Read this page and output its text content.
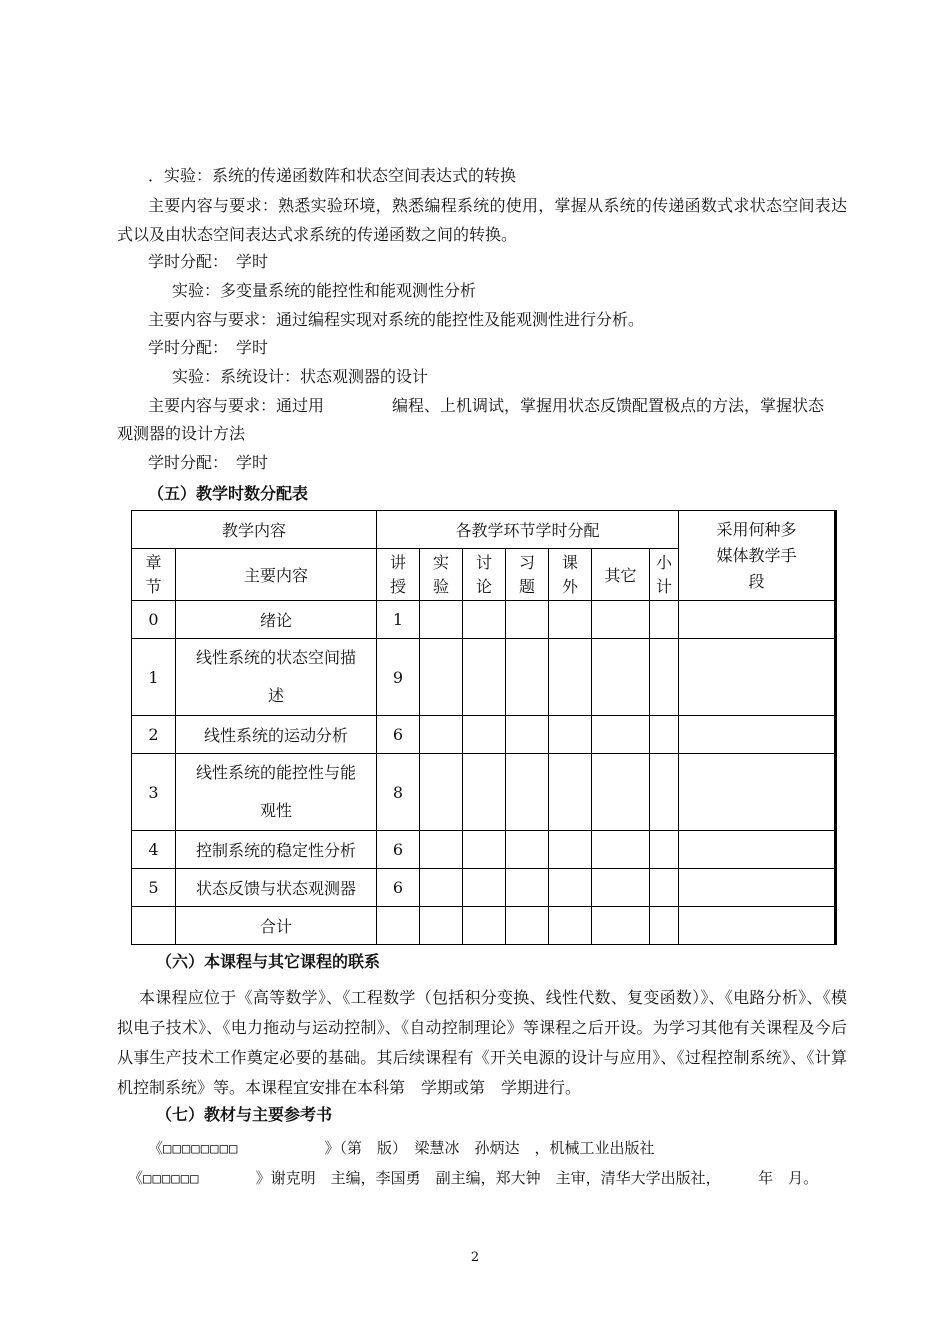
．实验：系统的传递函数阵和状态空间表达式的转换
主要内容与要求：熟悉实验环境，熟悉编程系统的使用，掌握从系统的传递函数式求状态空间表达式以及由状态空间表达式求系统的传递函数之间的转换。
学时分配：　学时
实验：多变量系统的能控性和能观测性分析
主要内容与要求：通过编程实现对系统的能控性及能观测性进行分析。
学时分配：　学时
实验：系统设计：状态观测器的设计
主要内容与要求：通过用	编程、上机调试，掌握用状态反馈配置极点的方法，掌握状态
观测器的设计方法
学时分配：　学时
（五）教学时数分配表
教学内容		各教学环节学时分配							采用何种多媒体教学手段
章节	主要内容	讲授	实验	讨论	习题	课外	其它	小计	
0	绪论	1							
1	线性系统的状态空间描述	9							
2	线性系统的运动分析	6							
3	线性系统的能控性与能观性	8							
4	控制系统的稳定性分析	6							
5	状态反馈与状态观测器	6							
	合计								
（六）本课程与其它课程的联系
本课程应位于《高等数学》、《工程数学（包括积分变换、线性代数、复变函数）》、《电路分析》、《模拟电子技术》、《电力拖动与运动控制》、《自动控制理论》等课程之后开设。为学习其他有关课程及今后从事生产技术工作奠定必要的基础。其后续课程有《开关电源的设计与应用》、《过程控制系统》、《计算机控制系统》等。本课程宜安排在本科第　学期或第　学期进行。
（七）教材与主要参考书
《□□□□□□□□	》（第　版）　梁慧冰　孙炳达　，机械工业出版社
《□□□□□□	》谢克明　主编，李国勇　副主编，郑大钟　主审，清华大学出版社，　　　年　月。
2
